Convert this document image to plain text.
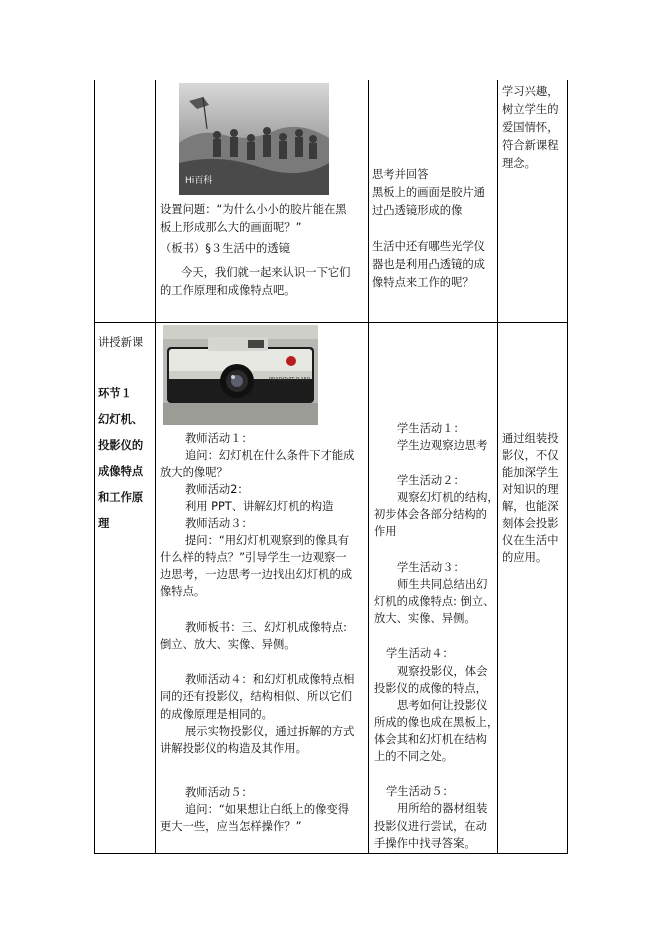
Hi百科
设置问题：“为什么小小的胶片能在黑
板上形成那么大的画面呢？”
（板书）§３生活中的透镜
今天，我们就一起来认识一下它们
的工作原理和成像特点吧。
思考并回答
黑板上的画面是胶片通
过凸透镜形成的像
生活中还有哪些光学仪
器也是利用凸透镜的成
像特点来工作的呢？
学习兴趣，
树立学生的
爱国情怀，
符合新课程
理念。
讲授新课
环节１
幻灯机、
投影仪的
成像特点
和工作原
理
PRADOVIT P 150
教师活动１：
追问：幻灯机在什么条件下才能成
放大的像呢？
教师活动2：
利用 PPT、讲解幻灯机的构造
教师活动３：
提问：“用幻灯机观察到的像具有
什么样的特点？”引导学生一边观察一
边思考，一边思考一边找出幻灯机的成
像特点。
教师板书：三、幻灯机成像特点:
倒立、放大、实像、异侧。
教师活动４：和幻灯机成像特点相
同的还有投影仪，结构相似、所以它们
的成像原理是相同的。
展示实物投影仪，通过拆解的方式
讲解投影仪的构造及其作用。
教师活动５：
追问：“如果想让白纸上的像变得
更大一些，应当怎样操作？”
学生活动１：
学生边观察边思考
学生活动２：
观察幻灯机的结构，
初步体会各部分结构的
作用
学生活动３：
师生共同总结出幻
灯机的成像特点: 倒立、
放大、实像、异侧。
学生活动４：
观察投影仪，体会
投影仪的成像的特点，
思考如何让投影仪
所成的像也成在黑板上，
体会其和幻灯机在结构
上的不同之处。
学生活动５：
用所给的器材组装
投影仪进行尝试，在动
手操作中找寻答案。
通过组装投
影仪，不仅
能加深学生
对知识的理
解，也能深
刻体会投影
仪在生活中
的应用。
